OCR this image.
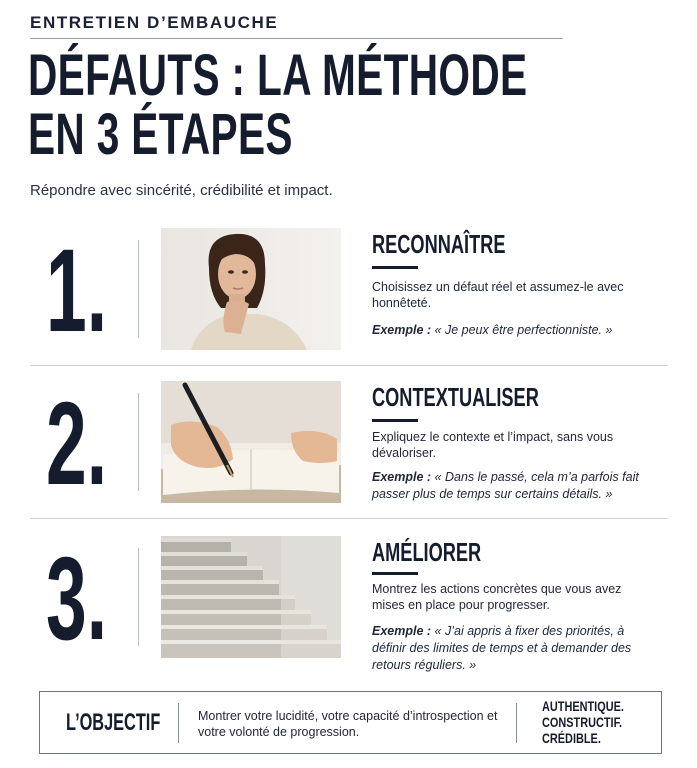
ENTRETIEN D’EMBAUCHE
DÉFAUTS : LA MÉTHODE
EN 3 ÉTAPES
Répondre avec sincérité, crédibilité et impact.
1.	RECONNAÎTRE
Choisissez un défaut réel et assumez-le avec honnêteté.
Exemple : « Je peux être perfectionniste. »
2.	CONTEXTUALISER
Expliquez le contexte et l’impact, sans vous dévaloriser.
Exemple : « Dans le passé, cela m’a parfois fait passer plus de temps sur certains détails. »
3.	AMÉLIORER
Montrez les actions concrètes que vous avez mises en place pour progresser.
Exemple : « J’ai appris à fixer des priorités, à définir des limites de temps et à demander des retours réguliers. »
L’OBJECTIF	Montrer votre lucidité, votre capacité d’introspection et votre volonté de progression.
AUTHENTIQUE.
CONSTRUCTIF.
CRÉDIBLE.
